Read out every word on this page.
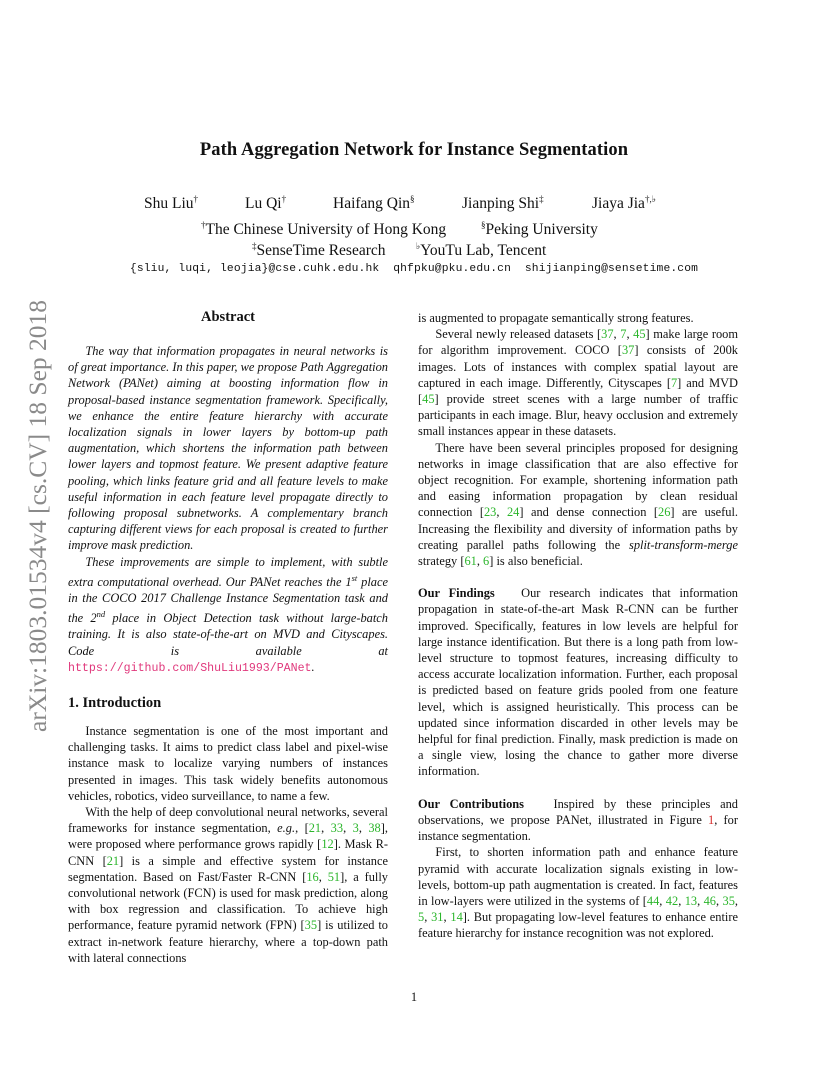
arXiv:1803.01534v4 [cs.CV] 18 Sep 2018
Path Aggregation Network for Instance Segmentation
Shu Liu†	Lu Qi†	Haifang Qin§	Jianping Shi‡	Jiaya Jia†,♭
†The Chinese University of Hong Kong	§Peking University
‡SenseTime Research	♭YouTu Lab, Tencent
{sliu, luqi, leojia}@cse.cuhk.edu.hk  qhfpku@pku.edu.cn  shijianping@sensetime.com
Abstract

The way that information propagates in neural networks is of great importance. In this paper, we propose Path Aggregation Network (PANet) aiming at boosting information flow in proposal-based instance segmentation framework. Specifically, we enhance the entire feature hierarchy with accurate localization signals in lower layers by bottom-up path augmentation, which shortens the information path between lower layers and topmost feature. We present adaptive feature pooling, which links feature grid and all feature levels to make useful information in each feature level propagate directly to following proposal subnetworks. A complementary branch capturing different views for each proposal is created to further improve mask prediction.

These improvements are simple to implement, with subtle extra computational overhead. Our PANet reaches the 1st place in the COCO 2017 Challenge Instance Segmentation task and the 2nd place in Object Detection task without large-batch training. It is also state-of-the-art on MVD and Cityscapes. Code is available at https://github.com/ShuLiu1993/PANet.

1. Introduction

Instance segmentation is one of the most important and challenging tasks. It aims to predict class label and pixel-wise instance mask to localize varying numbers of instances presented in images. This task widely benefits autonomous vehicles, robotics, video surveillance, to name a few.

With the help of deep convolutional neural networks, several frameworks for instance segmentation, e.g., [21, 33, 3, 38], were proposed where performance grows rapidly [12]. Mask R-CNN [21] is a simple and effective system for instance segmentation. Based on Fast/Faster R-CNN [16, 51], a fully convolutional network (FCN) is used for mask prediction, along with box regression and classification. To achieve high performance, feature pyramid network (FPN) [35] is utilized to extract in-network feature hierarchy, where a top-down path with lateral connections

is augmented to propagate semantically strong features.

Several newly released datasets [37, 7, 45] make large room for algorithm improvement. COCO [37] consists of 200k images. Lots of instances with complex spatial layout are captured in each image. Differently, Cityscapes [7] and MVD [45] provide street scenes with a large number of traffic participants in each image. Blur, heavy occlusion and extremely small instances appear in these datasets.

There have been several principles proposed for designing networks in image classification that are also effective for object recognition. For example, shortening information path and easing information propagation by clean residual connection [23, 24] and dense connection [26] are useful. Increasing the flexibility and diversity of information paths by creating parallel paths following the split-transform-merge strategy [61, 6] is also beneficial.

Our Findings Our research indicates that information propagation in state-of-the-art Mask R-CNN can be further improved. Specifically, features in low levels are helpful for large instance identification. But there is a long path from low-level structure to topmost features, increasing difficulty to access accurate localization information. Further, each proposal is predicted based on feature grids pooled from one feature level, which is assigned heuristically. This process can be updated since information discarded in other levels may be helpful for final prediction. Finally, mask prediction is made on a single view, losing the chance to gather more diverse information.

Our Contributions Inspired by these principles and observations, we propose PANet, illustrated in Figure 1, for instance segmentation.

First, to shorten information path and enhance feature pyramid with accurate localization signals existing in low-levels, bottom-up path augmentation is created. In fact, features in low-layers were utilized in the systems of [44, 42, 13, 46, 35, 5, 31, 14]. But propagating low-level features to enhance entire feature hierarchy for instance recognition was not explored.

1
